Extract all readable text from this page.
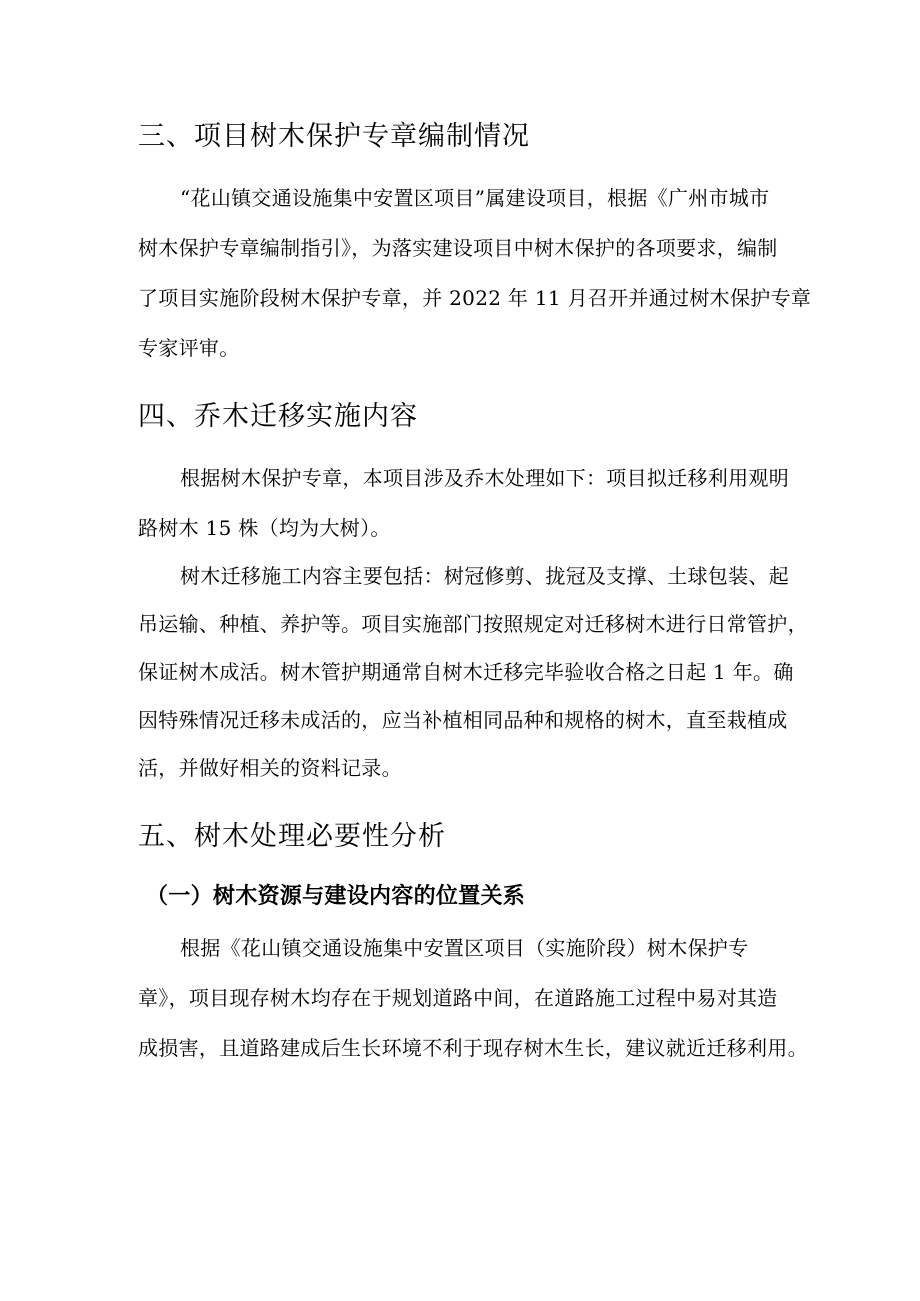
三、项目树木保护专章编制情况
“花山镇交通设施集中安置区项目”属建设项目，根据《广州市城市
树木保护专章编制指引》，为落实建设项目中树木保护的各项要求，编制
了项目实施阶段树木保护专章，并 2022 年 11 月召开并通过树木保护专章
专家评审。
四、乔木迁移实施内容
根据树木保护专章，本项目涉及乔木处理如下：项目拟迁移利用观明
路树木 15 株（均为大树）。
树木迁移施工内容主要包括：树冠修剪、拢冠及支撑、土球包装、起
吊运输、种植、养护等。项目实施部门按照规定对迁移树木进行日常管护，
保证树木成活。树木管护期通常自树木迁移完毕验收合格之日起 1 年。确
因特殊情况迁移未成活的，应当补植相同品种和规格的树木，直至栽植成
活，并做好相关的资料记录。
五、树木处理必要性分析
（一）树木资源与建设内容的位置关系
根据《花山镇交通设施集中安置区项目（实施阶段）树木保护专
章》，项目现存树木均存在于规划道路中间，在道路施工过程中易对其造
成损害，且道路建成后生长环境不利于现存树木生长，建议就近迁移利用。
